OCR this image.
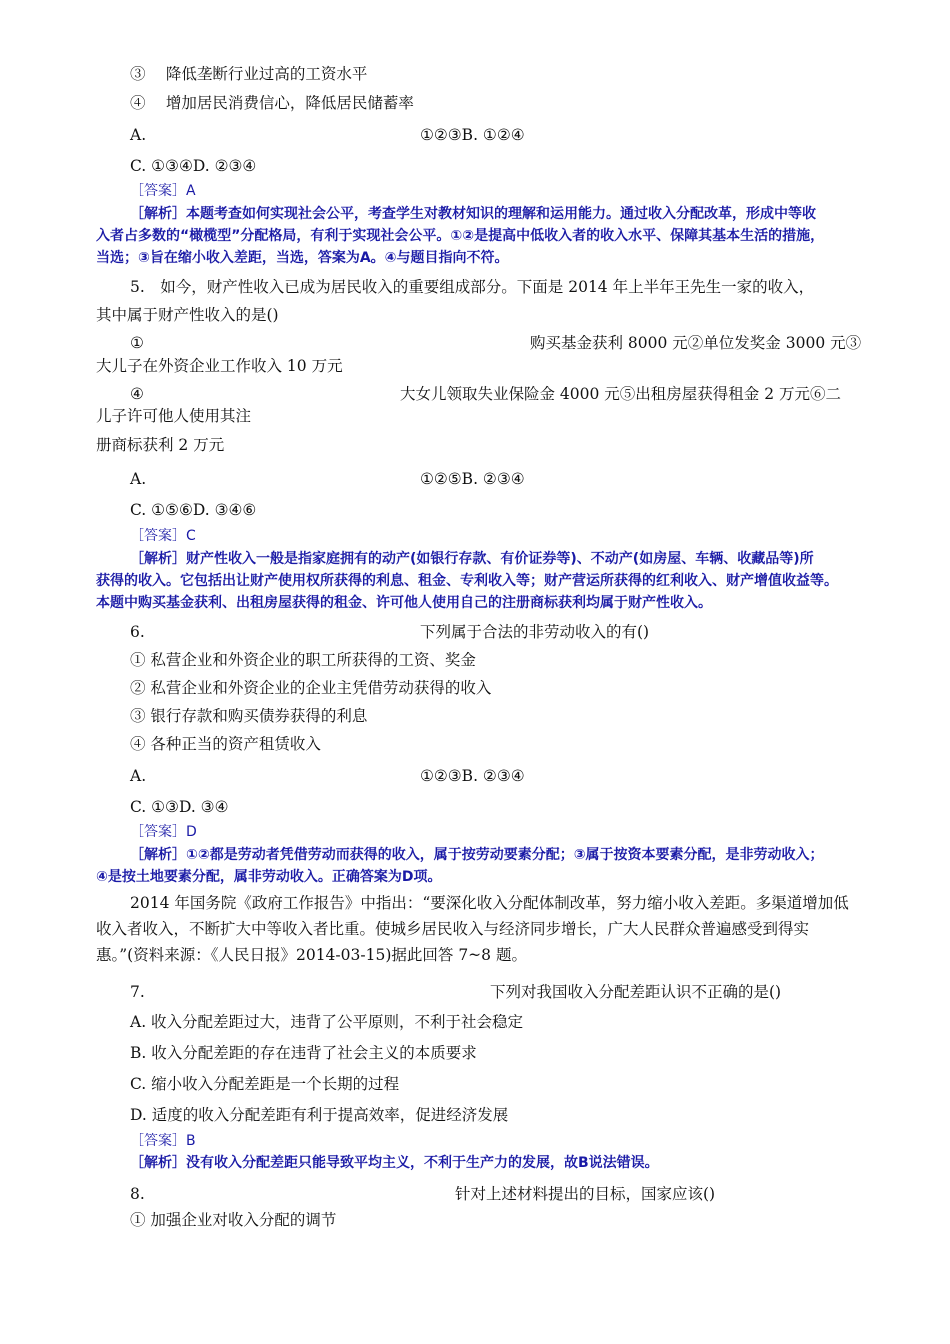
③　 降低垄断行业过高的工资水平
④　 增加居民消费信心，降低居民储蓄率
A.	①②③B. ①②④
C. ①③④D. ②③④
［答案］A
［解析］本题考查如何实现社会公平，考查学生对教材知识的理解和运用能力。通过收入分配改革，形成中等收
入者占多数的“橄榄型”分配格局，有利于实现社会公平。①②是提高中低收入者的收入水平、保障其基本生活的措施，
当选；③旨在缩小收入差距，当选，答案为A。④与题目指向不符。
5.　如今，财产性收入已成为居民收入的重要组成部分。下面是 2014 年上半年王先生一家的收入，
其中属于财产性收入的是()
①	购买基金获利 8000 元②单位发奖金 3000 元③
大儿子在外资企业工作收入 10 万元
④	大女儿领取失业保险金 4000 元⑤出租房屋获得租金 2 万元⑥二
儿子许可他人使用其注
册商标获利 2 万元
A.	①②⑤B. ②③④
C. ①⑤⑥D. ③④⑥
［答案］C
［解析］财产性收入一般是指家庭拥有的动产(如银行存款、有价证券等)、不动产(如房屋、车辆、收藏品等)所
获得的收入。它包括出让财产使用权所获得的利息、租金、专利收入等；财产营运所获得的红利收入、财产增值收益等。
本题中购买基金获利、出租房屋获得的租金、许可他人使用自己的注册商标获利均属于财产性收入。
6.	下列属于合法的非劳动收入的有()
① 私营企业和外资企业的职工所获得的工资、奖金
② 私营企业和外资企业的企业主凭借劳动获得的收入
③ 银行存款和购买债券获得的利息
④ 各种正当的资产租赁收入
A.	①②③B. ②③④
C. ①③D. ③④
［答案］D
［解析］①②都是劳动者凭借劳动而获得的收入，属于按劳动要素分配；③属于按资本要素分配，是非劳动收入；
④是按土地要素分配，属非劳动收入。正确答案为D项。
2014 年国务院《政府工作报告》中指出：“要深化收入分配体制改革，努力缩小收入差距。多渠道增加低
收入者收入，不断扩大中等收入者比重。使城乡居民收入与经济同步增长，广大人民群众普遍感受到得实
惠。”(资料来源：《人民日报》2014-03-15)据此回答 7~8 题。
7.	下列对我国收入分配差距认识不正确的是()
A. 收入分配差距过大，违背了公平原则，不利于社会稳定
B. 收入分配差距的存在违背了社会主义的本质要求
C. 缩小收入分配差距是一个长期的过程
D. 适度的收入分配差距有利于提高效率，促进经济发展
［答案］B
［解析］没有收入分配差距只能导致平均主义，不利于生产力的发展，故B说法错误。
8.	针对上述材料提出的目标，国家应该()
① 加强企业对收入分配的调节
